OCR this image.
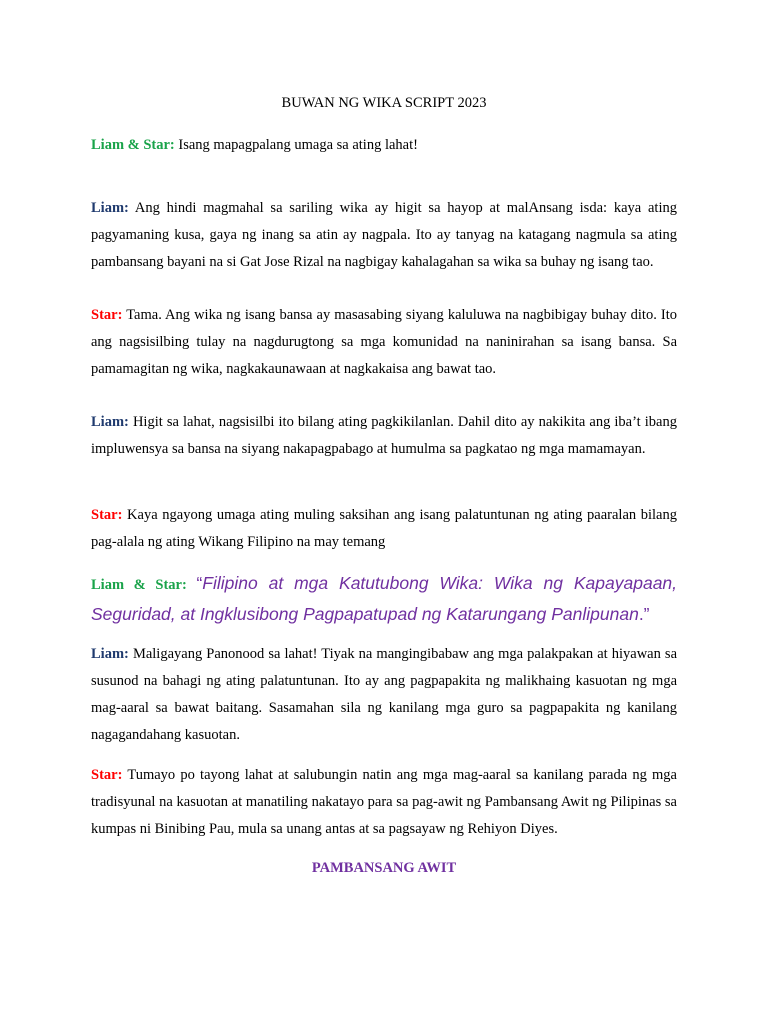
BUWAN NG WIKA SCRIPT 2023

Liam & Star: Isang mapagpalang umaga sa ating lahat!

Liam: Ang hindi magmahal sa sariling wika ay higit sa hayop at malAnsang isda: kaya ating pagyamaning kusa, gaya ng inang sa atin ay nagpala. Ito ay tanyag na katagang nagmula sa ating pambansang bayani na si Gat Jose Rizal na nagbigay kahalagahan sa wika sa buhay ng isang tao.

Star: Tama. Ang wika ng isang bansa ay masasabing siyang kaluluwa na nagbibigay buhay dito. Ito ang nagsisilbing tulay na nagdurugtong sa mga komunidad na naninirahan sa isang bansa. Sa pamamagitan ng wika, nagkakaunawaan at nagkakaisa ang bawat tao.

Liam: Higit sa lahat, nagsisilbi ito bilang ating pagkikilanlan. Dahil dito ay nakikita ang iba’t ibang impluwensya sa bansa na siyang nakapagpabago at humulma sa pagkatao ng mga mamamayan.

Star: Kaya ngayong umaga ating muling saksihan ang isang palatuntunan ng ating paaralan bilang pag-alala ng ating Wikang Filipino na may temang

Liam & Star: “Filipino at mga Katutubong Wika: Wika ng Kapayapaan, Seguridad, at Ingklusibong Pagpapatupad ng Katarungang Panlipunan.”

Liam: Maligayang Panonood sa lahat! Tiyak na mangingibabaw ang mga palakpakan at hiyawan sa susunod na bahagi ng ating palatuntunan. Ito ay ang pagpapakita ng malikhaing kasuotan ng mga mag-aaral sa bawat baitang. Sasamahan sila ng kanilang mga guro sa pagpapakita ng kanilang nagagandahang kasuotan.

Star: Tumayo po tayong lahat at salubungin natin ang mga mag-aaral sa kanilang parada ng mga tradisyunal na kasuotan at manatiling nakatayo para sa pag-awit ng Pambansang Awit ng Pilipinas sa kumpas ni Binibing Pau, mula sa unang antas at sa pagsayaw ng Rehiyon Diyes.

PAMBANSANG AWIT
